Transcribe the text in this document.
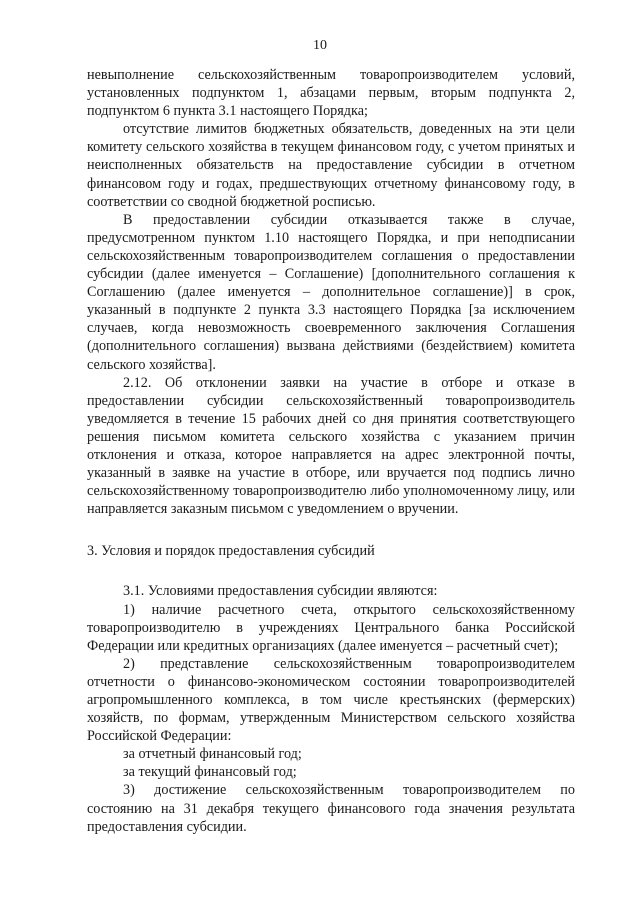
10

невыполнение сельскохозяйственным товаропроизводителем условий, установленных подпунктом 1, абзацами первым, вторым подпункта 2, подпунктом 6 пункта 3.1 настоящего Порядка;

отсутствие лимитов бюджетных обязательств, доведенных на эти цели комитету сельского хозяйства в текущем финансовом году, с учетом принятых и неисполненных обязательств на предоставление субсидии в отчетном финансовом году и годах, предшествующих отчетному финансовому году, в соответствии со сводной бюджетной росписью.

В предоставлении субсидии отказывается также в случае, предусмотренном пунктом 1.10 настоящего Порядка, и при неподписании сельскохозяйственным товаропроизводителем соглашения о предоставлении субсидии (далее именуется – Соглашение) [дополнительного соглашения к Соглашению (далее именуется – дополнительное соглашение)] в срок, указанный в подпункте 2 пункта 3.3 настоящего Порядка [за исключением случаев, когда невозможность своевременного заключения Соглашения (дополнительного соглашения) вызвана действиями (бездействием) комитета сельского хозяйства].

2.12. Об отклонении заявки на участие в отборе и отказе в предоставлении субсидии сельскохозяйственный товаропроизводитель уведомляется в течение 15 рабочих дней со дня принятия соответствующего решения письмом комитета сельского хозяйства с указанием причин отклонения и отказа, которое направляется на адрес электронной почты, указанный в заявке на участие в отборе, или вручается под подпись лично сельскохозяйственному товаропроизводителю либо уполномоченному лицу, или направляется заказным письмом с уведомлением о вручении.

3. Условия и порядок предоставления субсидий

3.1. Условиями предоставления субсидии являются:

1) наличие расчетного счета, открытого сельскохозяйственному товаропроизводителю в учреждениях Центрального банка Российской Федерации или кредитных организациях (далее именуется – расчетный счет);

2) представление сельскохозяйственным товаропроизводителем отчетности о финансово-экономическом состоянии товаропроизводителей агропромышленного комплекса, в том числе крестьянских (фермерских) хозяйств, по формам, утвержденным Министерством сельского хозяйства Российской Федерации:

за отчетный финансовый год;

за текущий финансовый год;

3) достижение сельскохозяйственным товаропроизводителем по состоянию на 31 декабря текущего финансового года значения результата предоставления субсидии.
